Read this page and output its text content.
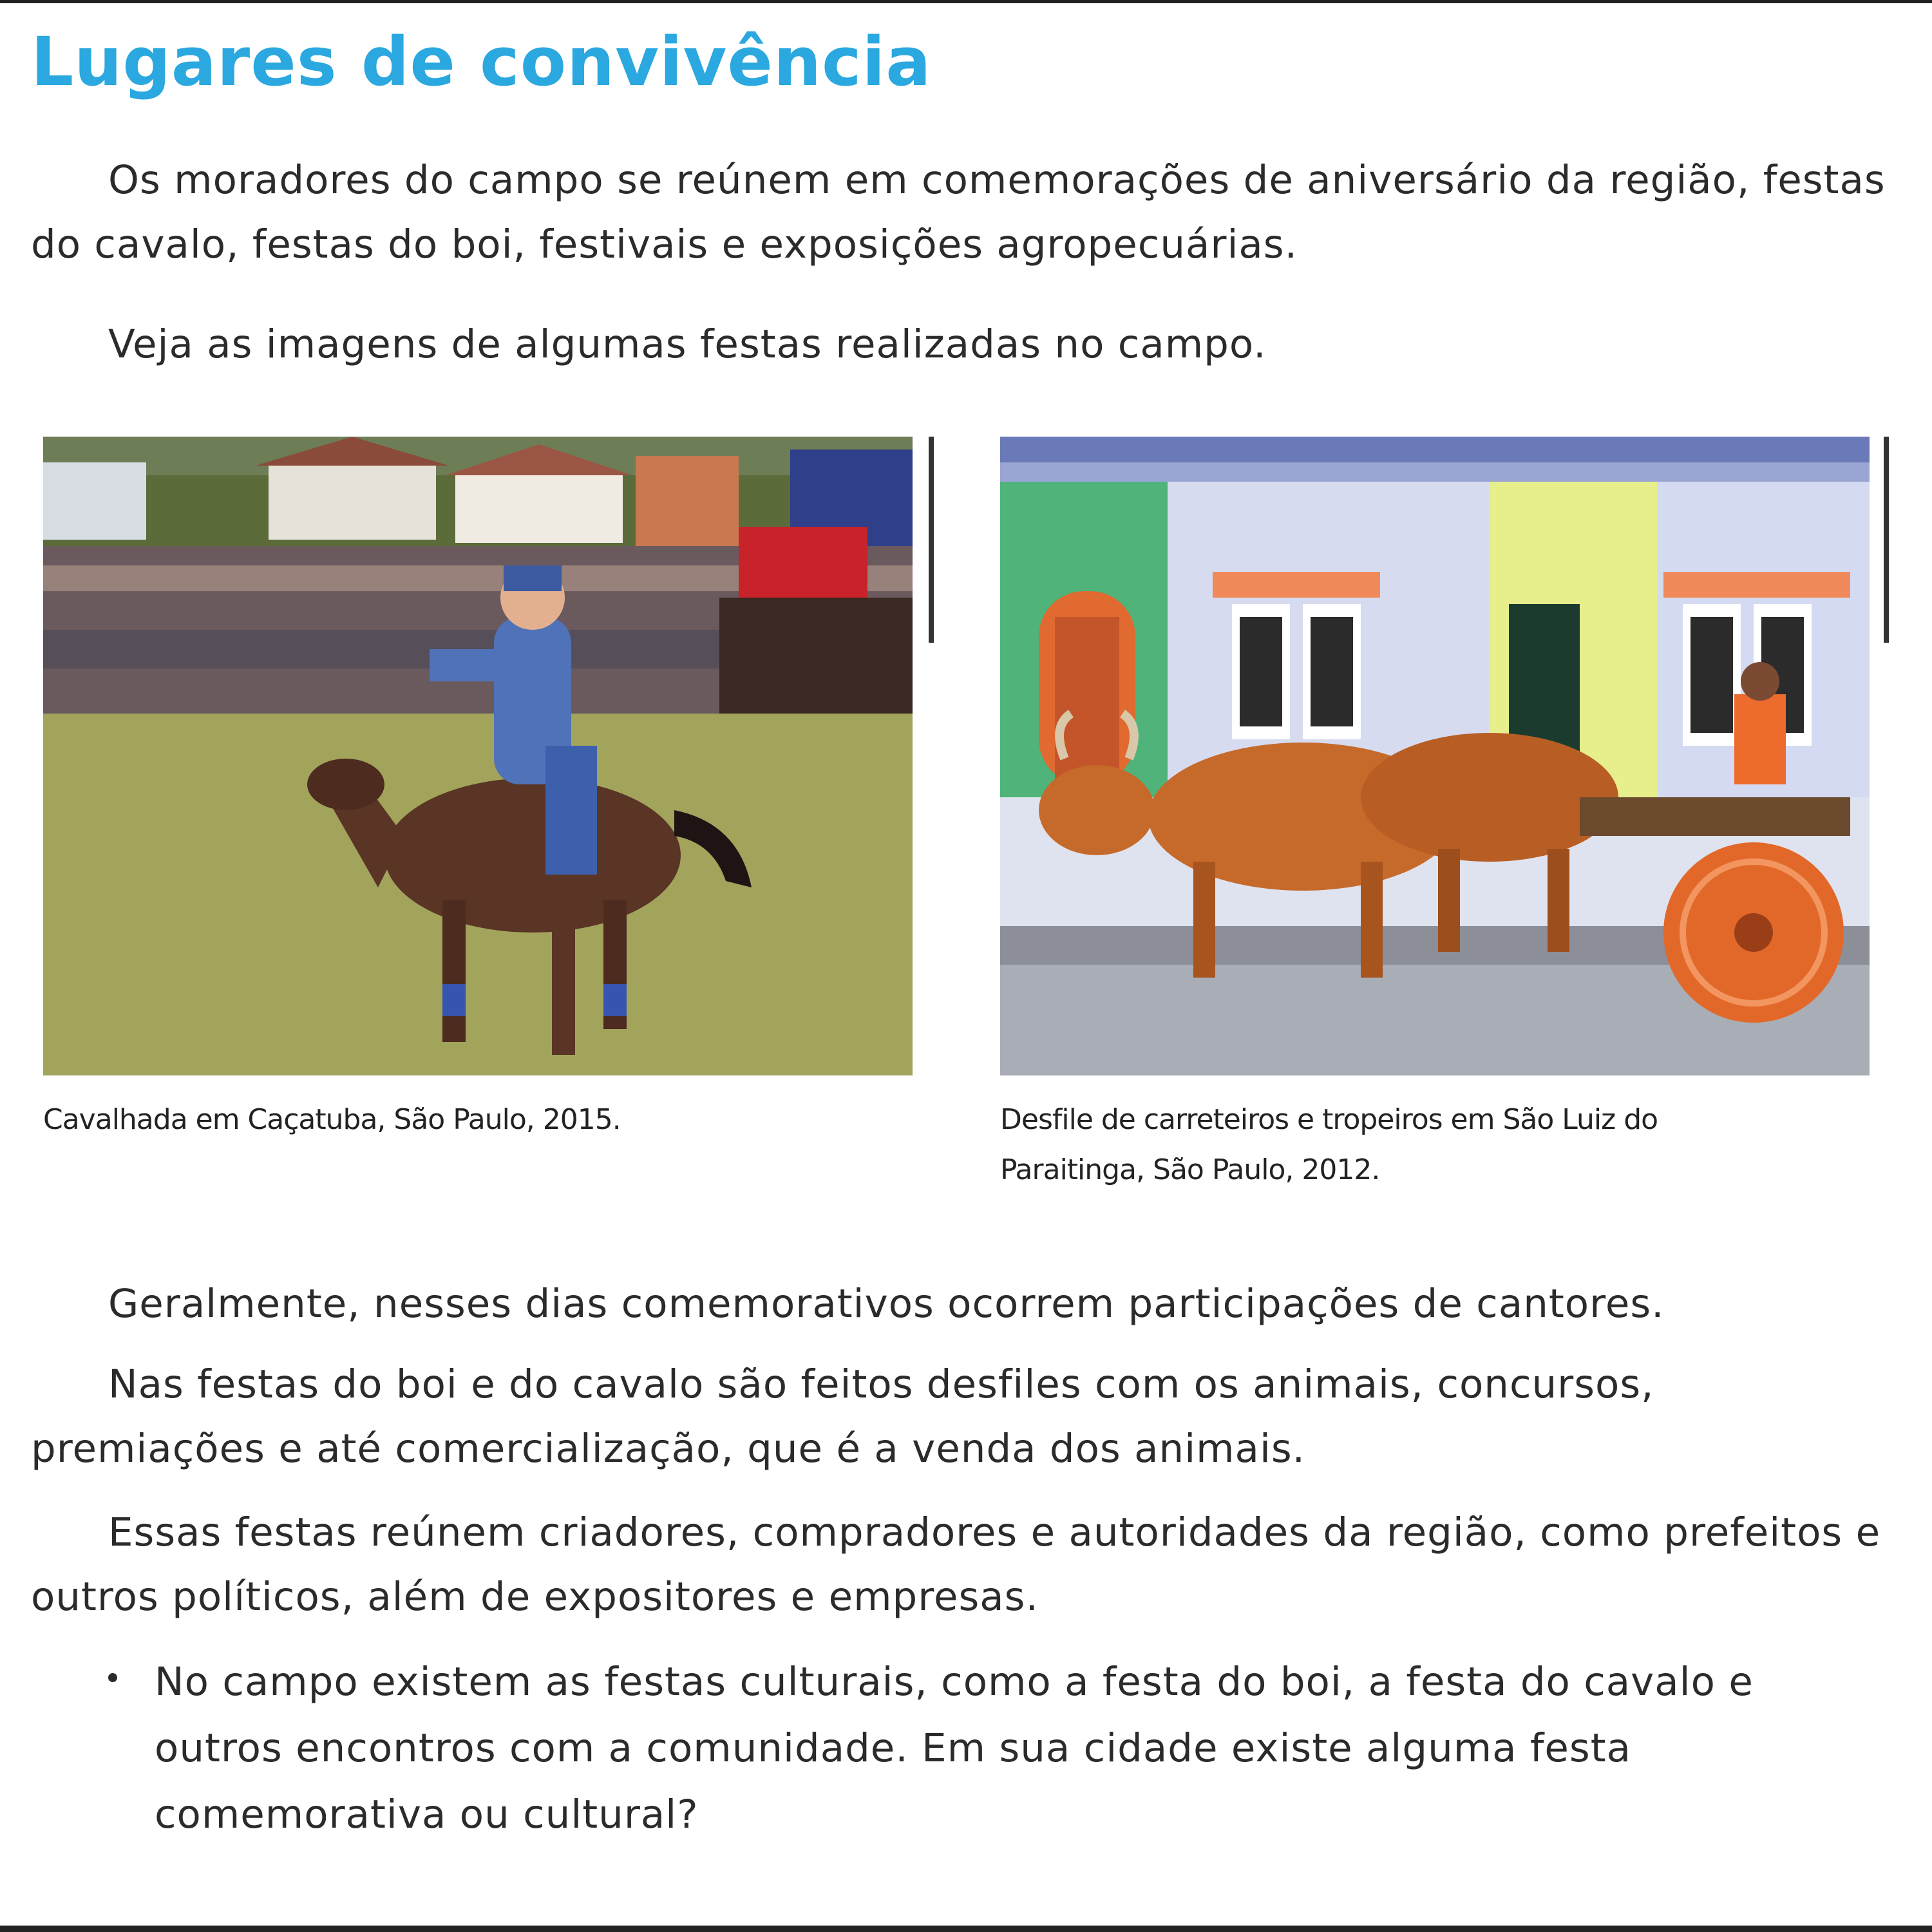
Lugares de convivência

Os moradores do campo se reúnem em comemorações de aniversário da região, festas do cavalo, festas do boi, festivais e exposições agropecuárias.

Veja as imagens de algumas festas realizadas no campo.

Cavalhada em Caçatuba, São Paulo, 2015.	Desfile de carreteiros e tropeiros em São Luiz do Paraitinga, São Paulo, 2012.

Geralmente, nesses dias comemorativos ocorrem participações de cantores.

Nas festas do boi e do cavalo são feitos desfiles com os animais, concursos, premiações e até comercialização, que é a venda dos animais.

Essas festas reúnem criadores, compradores e autoridades da região, como prefeitos e outros políticos, além de expositores e empresas.

No campo existem as festas culturais, como a festa do boi, a festa do cavalo e outros encontros com a comunidade. Em sua cidade existe alguma festa comemorativa ou cultural?
